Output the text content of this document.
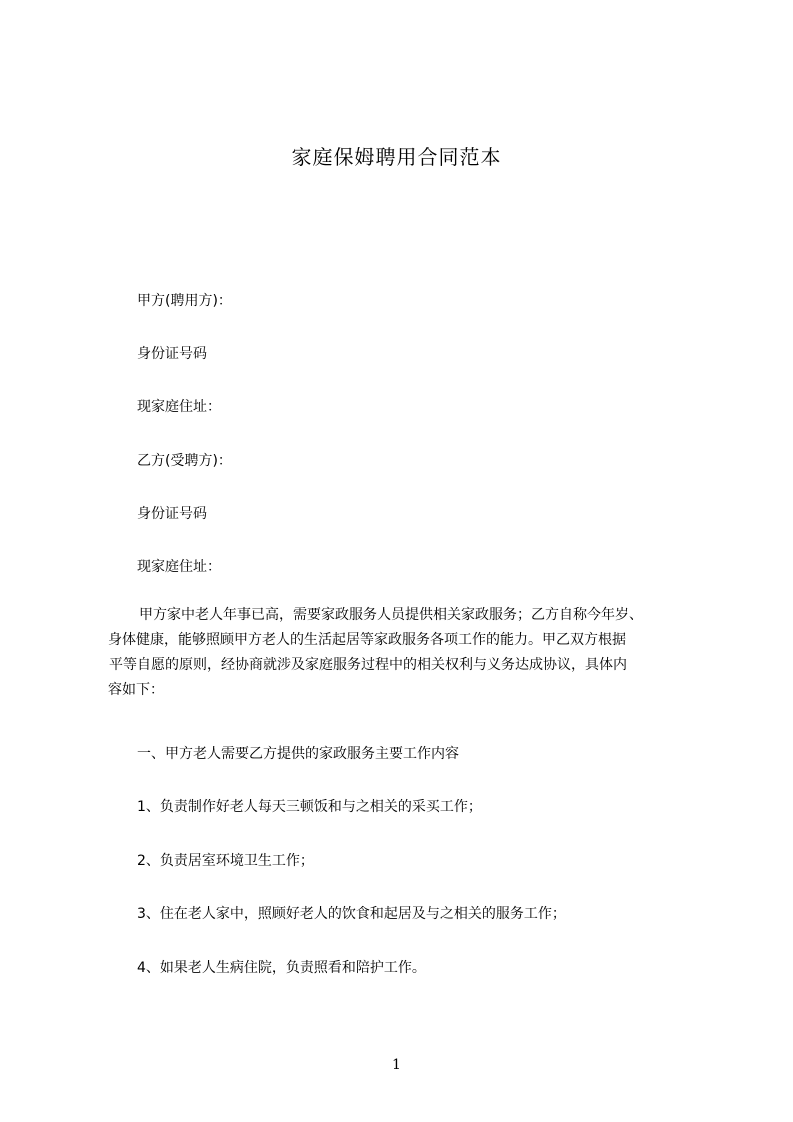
家庭保姆聘用合同范本
甲方(聘用方)：
身份证号码
现家庭住址：
乙方(受聘方)：
身份证号码
现家庭住址：
甲方家中老人年事已高，需要家政服务人员提供相关家政服务；乙方自称今年岁、
身体健康，能够照顾甲方老人的生活起居等家政服务各项工作的能力。甲乙双方根据
平等自愿的原则，经协商就涉及家庭服务过程中的相关权利与义务达成协议，具体内
容如下：
一、甲方老人需要乙方提供的家政服务主要工作内容
1、负责制作好老人每天三顿饭和与之相关的采买工作；
2、负责居室环境卫生工作；
3、住在老人家中，照顾好老人的饮食和起居及与之相关的服务工作；
4、如果老人生病住院，负责照看和陪护工作。
1
